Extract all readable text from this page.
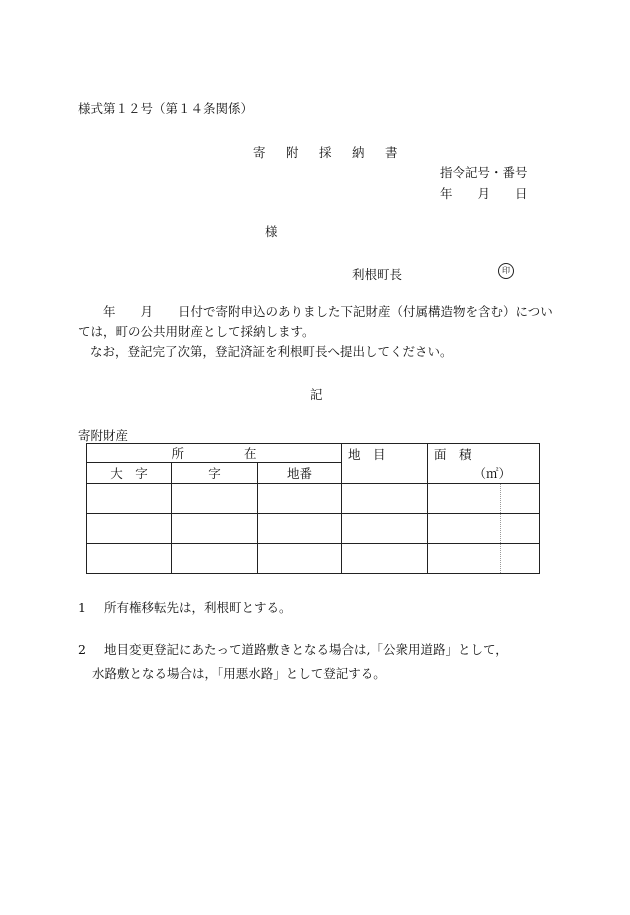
様式第１２号（第１４条関係）
寄　附　採　納　書
指令記号・番号
年　　月　　日
様
利根町長	印

年　　月　　日付で寄附申込のありました下記財産（付属構造物を含む）については，町の公共用財産として採納します。

なお，登記完了次第，登記済証を利根町長へ提出してください。

記
寄附財産
所在			地　目	面　積
（㎡）

大　字	字	地番		

1 所有権移転先は，利根町とする。
2 地目変更登記にあたって道路敷きとなる場合は,「公衆用道路」として，
水路敷となる場合は，「用悪水路」として登記する。
